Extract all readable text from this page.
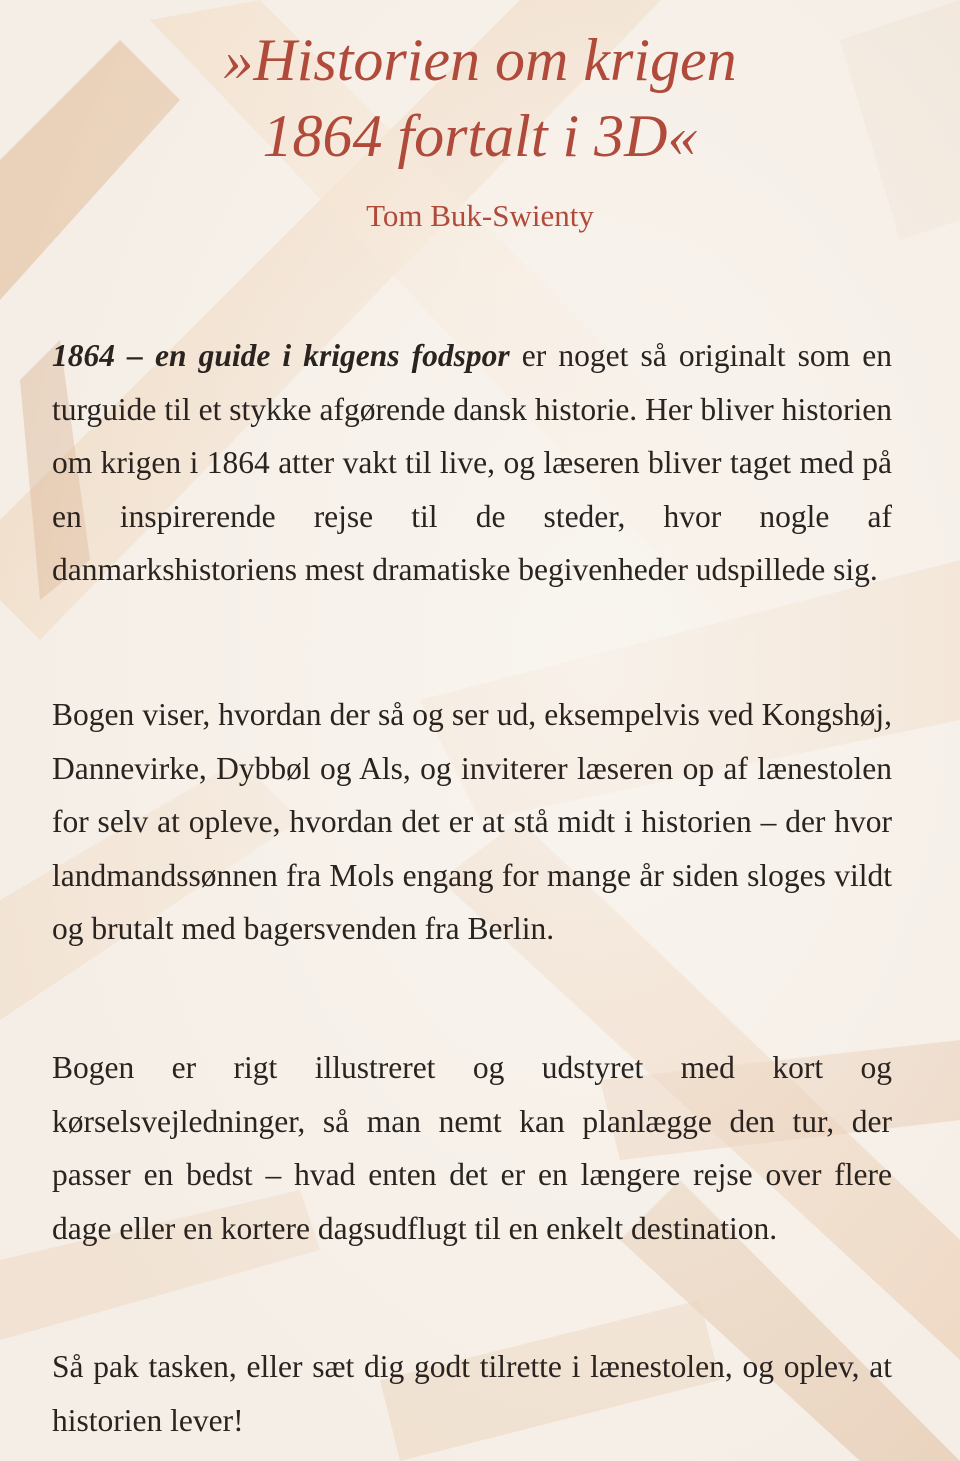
»Historien om krigen
1864 fortalt i 3D«
Tom Buk-Swienty

1864 – en guide i krigens fodspor er noget så originalt som en turguide til et stykke afgørende dansk historie. Her bliver historien om krigen i 1864 atter vakt til live, og læseren bliver taget med på en inspirerende rejse til de steder, hvor nogle af danmarkshistoriens mest dramatiske begivenheder udspillede sig.

Bogen viser, hvordan der så og ser ud, eksempelvis ved Kongshøj, Dannevirke, Dybbøl og Als, og inviterer læseren op af lænestolen for selv at opleve, hvordan det er at stå midt i historien – der hvor landmandssønnen fra Mols engang for mange år siden sloges vildt og brutalt med bagersvenden fra Berlin.

Bogen er rigt illustreret og udstyret med kort og kørselsvejledninger, så man nemt kan planlægge den tur, der passer en bedst – hvad enten det er en længere rejse over flere dage eller en kortere dagsudflugt til en enkelt destination.

Så pak tasken, eller sæt dig godt tilrette i lænestolen, og oplev, at historien lever!
